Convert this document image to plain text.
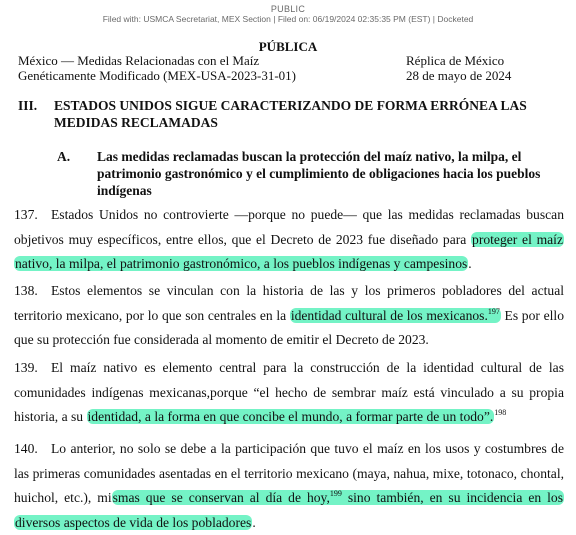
PUBLIC
Filed with: USMCA Secretariat, MEX Section | Filed on: 06/19/2024 02:35:35 PM (EST) | Docketed
PÚBLICA
México — Medidas Relacionadas con el Maíz
Genéticamente Modificado (MEX-USA-2023-31-01)
Réplica de México
28 de mayo de 2024
III.	ESTADOS UNIDOS SIGUE CARACTERIZANDO DE FORMA ERRÓNEA LAS MEDIDAS RECLAMADAS
A. Las medidas reclamadas buscan la protección del maíz nativo, la milpa, el patrimonio gastronómico y el cumplimiento de obligaciones hacia los pueblos indígenas
137. Estados Unidos no controvierte —porque no puede— que las medidas reclamadas buscan objetivos muy específicos, entre ellos, que el Decreto de 2023 fue diseñado para proteger el maíz nativo, la milpa, el patrimonio gastronómico, a los pueblos indígenas y campesinos.
138. Estos elementos se vinculan con la historia de las y los primeros pobladores del actual territorio mexicano, por lo que son centrales en la identidad cultural de los mexicanos.$^{197}$ Es por ello que su protección fue considerada al momento de emitir el Decreto de 2023.
139. El maíz nativo es elemento central para la construcción de la identidad cultural de las comunidades indígenas mexicanas,porque “el hecho de sembrar maíz está vinculado a su propia historia, a su identidad, a la forma en que concibe el mundo, a formar parte de un todo”.$^{198}$
140. Lo anterior, no solo se debe a la participación que tuvo el maíz en los usos y costumbres de las primeras comunidades asentadas en el territorio mexicano (maya, nahua, mixe, totonaco, chontal, huichol, etc.), mismas que se conservan al día de hoy,$^{199}$ sino también, en su incidencia en los diversos aspectos de vida de los pobladores.
